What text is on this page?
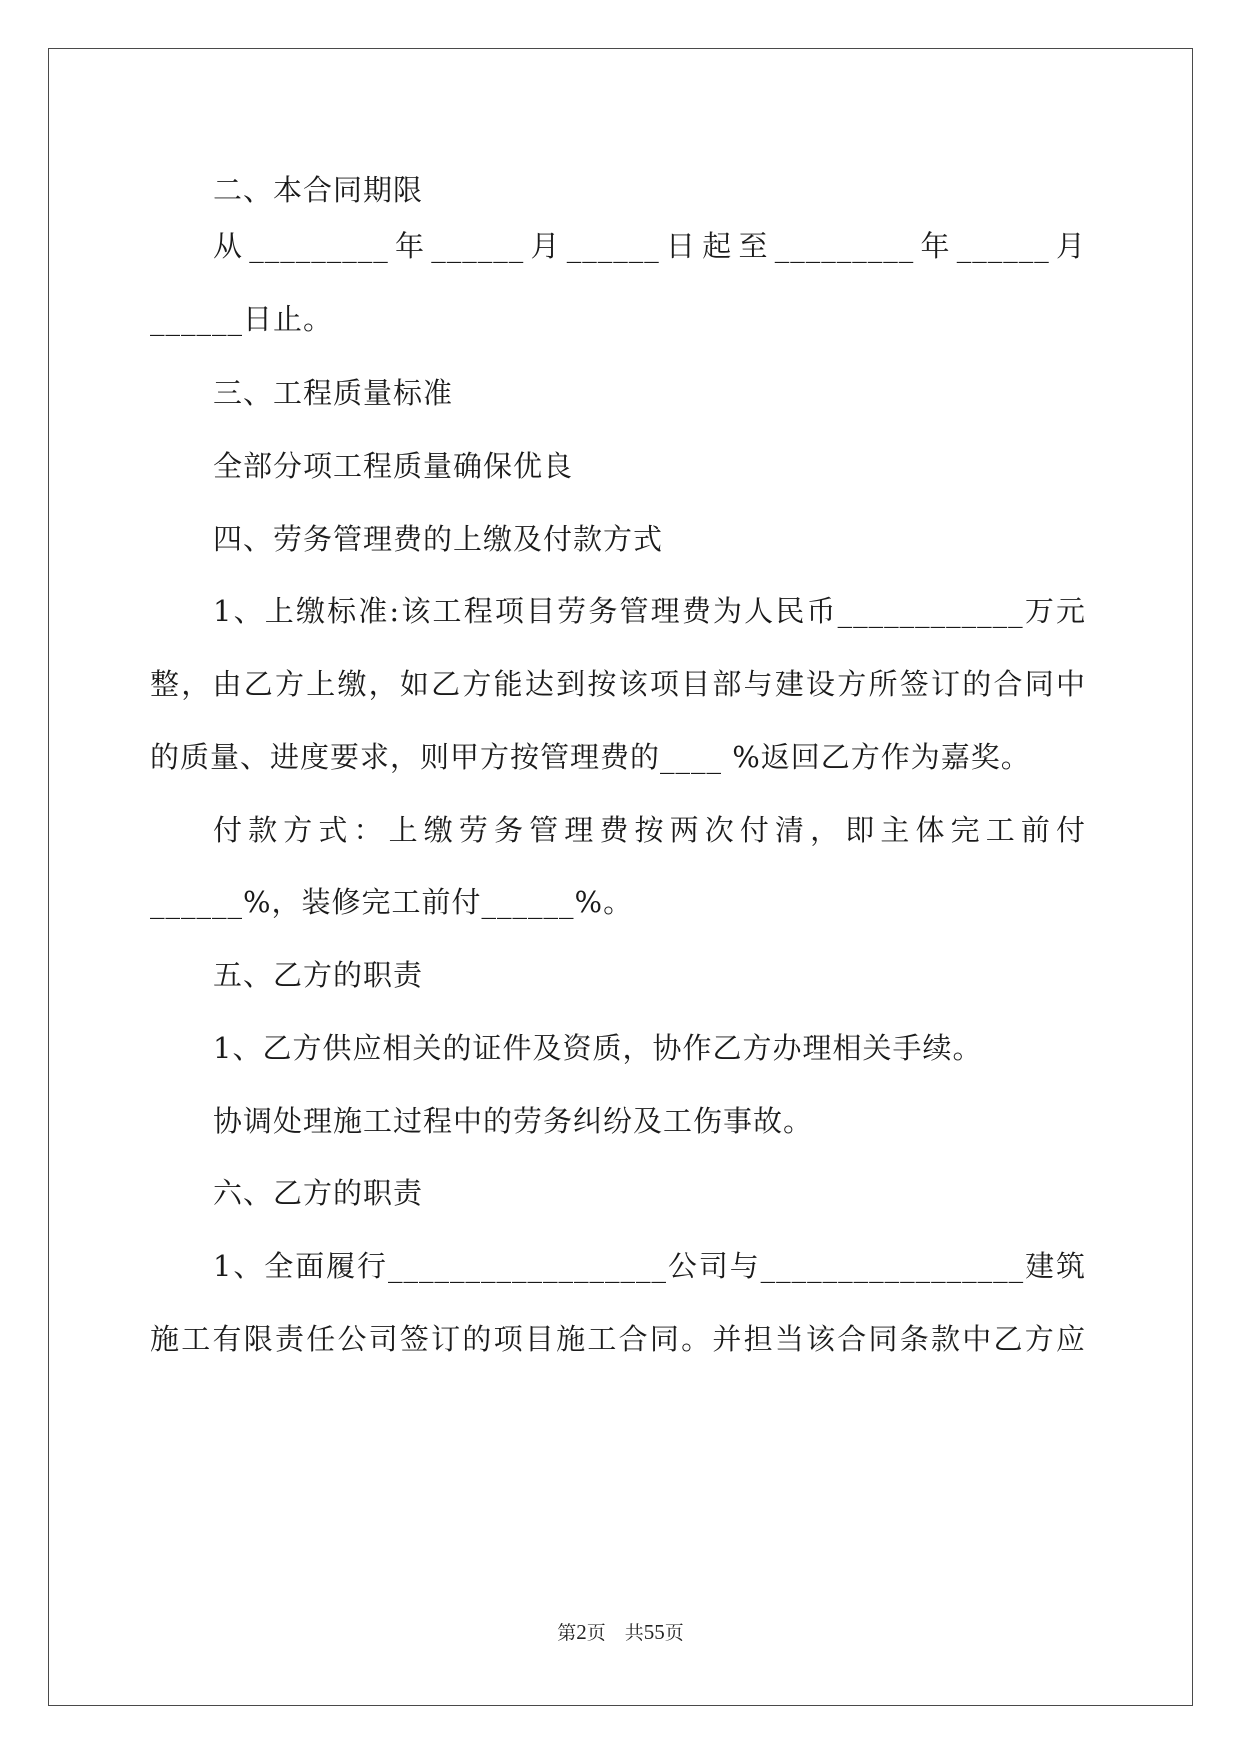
二、本合同期限

从_________年______月______日起至_________年______月

______日止。

三、工程质量标准

全部分项工程质量确保优良

四、劳务管理费的上缴及付款方式

1、上缴标准:该工程项目劳务管理费为人民币____________万元

整，由乙方上缴，如乙方能达到按该项目部与建设方所签订的合同中

的质量、进度要求，则甲方按管理费的____ %返回乙方作为嘉奖。

付款方式：上缴劳务管理费按两次付清，即主体完工前付

______%，装修完工前付______%。

五、乙方的职责

1、乙方供应相关的证件及资质，协作乙方办理相关手续。

协调处理施工过程中的劳务纠纷及工伤事故。

六、乙方的职责

1、全面履行__________________公司与_________________建筑

施工有限责任公司签订的项目施工合同。并担当该合同条款中乙方应

第2页　共55页
